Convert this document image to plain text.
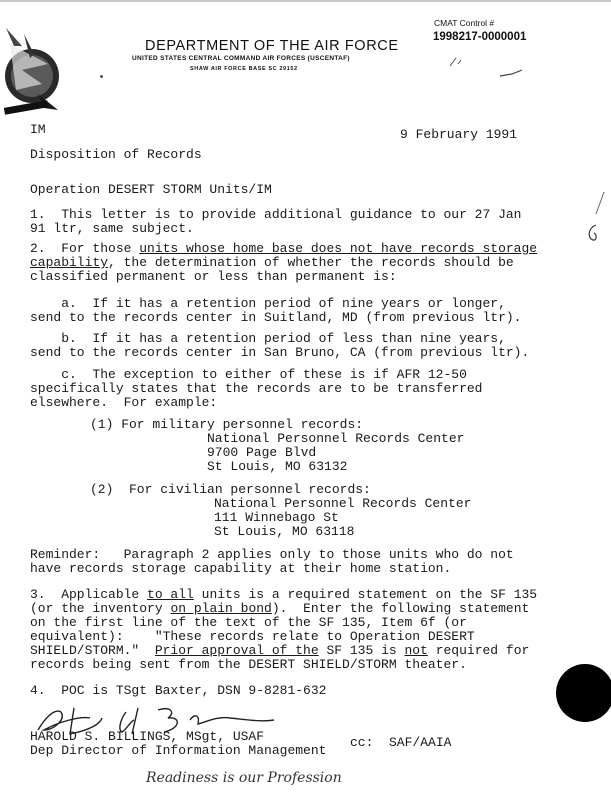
CMAT Control #
1998217-0000001
DEPARTMENT OF THE AIR FORCE
UNITED STATES CENTRAL COMMAND AIR FORCES (USCENTAF)
SHAW AIR FORCE BASE SC 29152
IM	9 February 1991
Disposition of Records
Operation DESERT STORM Units/IM
1.  This letter is to provide additional guidance to our 27 Jan
91 ltr, same subject.
2.  For those units whose home base does not have records storage
capability, the determination of whether the records should be
classified permanent or less than permanent is:
a.  If it has a retention period of nine years or longer,
send to the records center in Suitland, MD (from previous ltr).
b.  If it has a retention period of less than nine years,
send to the records center in San Bruno, CA (from previous ltr).
c.  The exception to either of these is if AFR 12-50
specifically states that the records are to be transferred
elsewhere.  For example:
(1) For military personnel records:
National Personnel Records Center
9700 Page Blvd
St Louis, MO 63132
(2)  For civilian personnel records:
National Personnel Records Center
111 Winnebago St
St Louis, MO 63118
Reminder:   Paragraph 2 applies only to those units who do not
have records storage capability at their home station.
3.  Applicable to all units is a required statement on the SF 135
(or the inventory on plain bond).  Enter the following statement
on the first line of the text of the SF 135, Item 6f (or
equivalent):    "These records relate to Operation DESERT
SHIELD/STORM."  Prior approval of the SF 135 is not required for
records being sent from the DESERT SHIELD/STORM theater.
4.  POC is TSgt Baxter, DSN 9-8281-632
HAROLD S. BILLINGS, MSgt, USAF
Dep Director of Information Management
cc:  SAF/AAIA
Readiness is our Profession
